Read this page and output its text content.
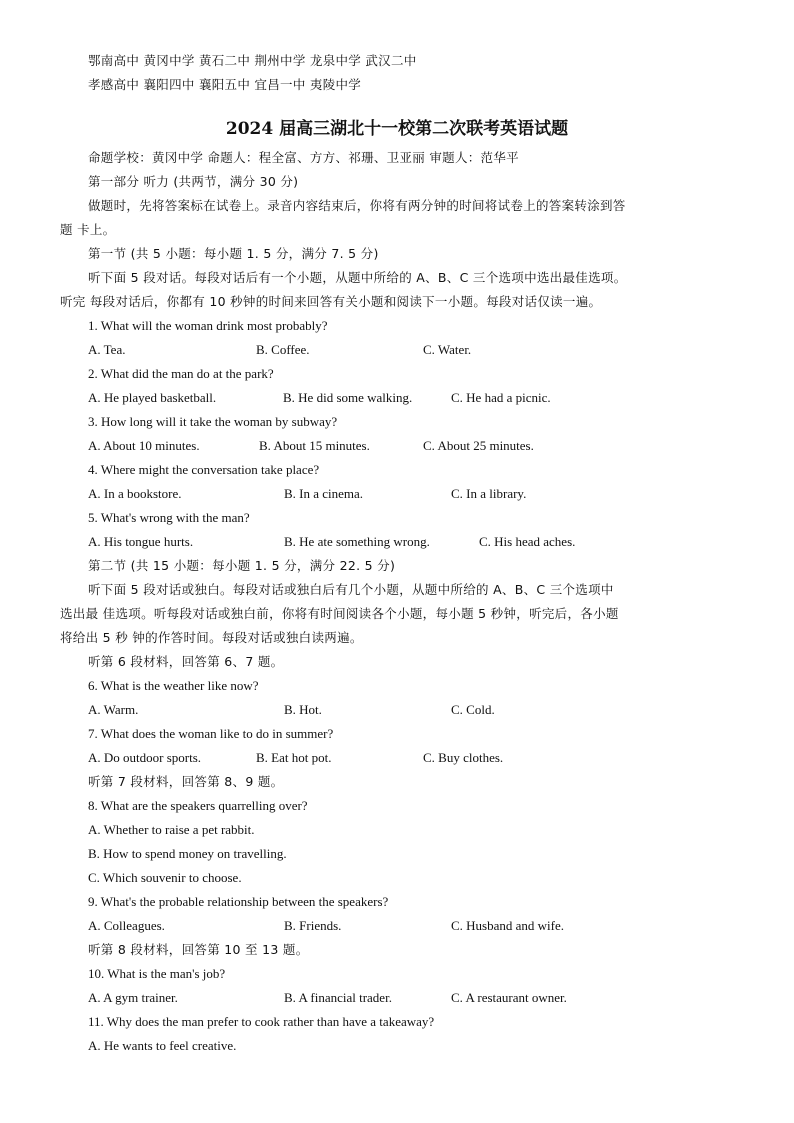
鄂南高中 黄冈中学 黄石二中 荆州中学 龙泉中学 武汉二中
孝感高中 襄阳四中 襄阳五中 宜昌一中 夷陵中学
2024 届高三湖北十一校第二次联考英语试题
命题学校：黄冈中学 命题人：程全富、方方、祁珊、卫亚丽 审题人：范华平
第一部分 听力 (共两节，满分 30 分)
做题时，先将答案标在试卷上。录音内容结束后，你将有两分钟的时间将试卷上的答案转涂到答
题 卡上。
第一节 (共 5 小题：每小题 1. 5 分，满分 7. 5 分)
听下面 5 段对话。每段对话后有一个小题，从题中所给的 A、B、C 三个选项中选出最佳选项。
听完 每段对话后，你都有 10 秒钟的时间来回答有关小题和阅读下一小题。每段对话仅读一遍。
1. What will the woman drink most probably?
A. Tea.	B. Coffee.	C. Water.
2. What did the man do at the park?
A. He played basketball.	B. He did some walking.	C. He had a picnic.
3. How long will it take the woman by subway?
A. About 10 minutes.	B. About 15 minutes.	C. About 25 minutes.
4. Where might the conversation take place?
A. In a bookstore.	B. In a cinema.	C. In a library.
5. What's wrong with the man?
A. His tongue hurts.	B. He ate something wrong.	C. His head aches.
第二节 (共 15 小题：每小题 1. 5 分，满分 22. 5 分)
听下面 5 段对话或独白。每段对话或独白后有几个小题，从题中所给的 A、B、C 三个选项中
选出最 佳选项。听每段对话或独白前，你将有时间阅读各个小题，每小题 5 秒钟，听完后，各小题
将给出 5 秒 钟的作答时间。每段对话或独白读两遍。
听第 6 段材料，回答第 6、7 题。
6. What is the weather like now?
A. Warm.	B. Hot.	C. Cold.
7. What does the woman like to do in summer?
A. Do outdoor sports.	B. Eat hot pot.	C. Buy clothes.
听第 7 段材料，回答第 8、9 题。
8. What are the speakers quarrelling over?
A. Whether to raise a pet rabbit.
B. How to spend money on travelling.
C. Which souvenir to choose.
9. What's the probable relationship between the speakers?
A. Colleagues.	B. Friends.	C. Husband and wife.
听第 8 段材料，回答第 10 至 13 题。
10. What is the man's job?
A. A gym trainer.	B. A financial trader.	C. A restaurant owner.
11. Why does the man prefer to cook rather than have a takeaway?
A. He wants to feel creative.
